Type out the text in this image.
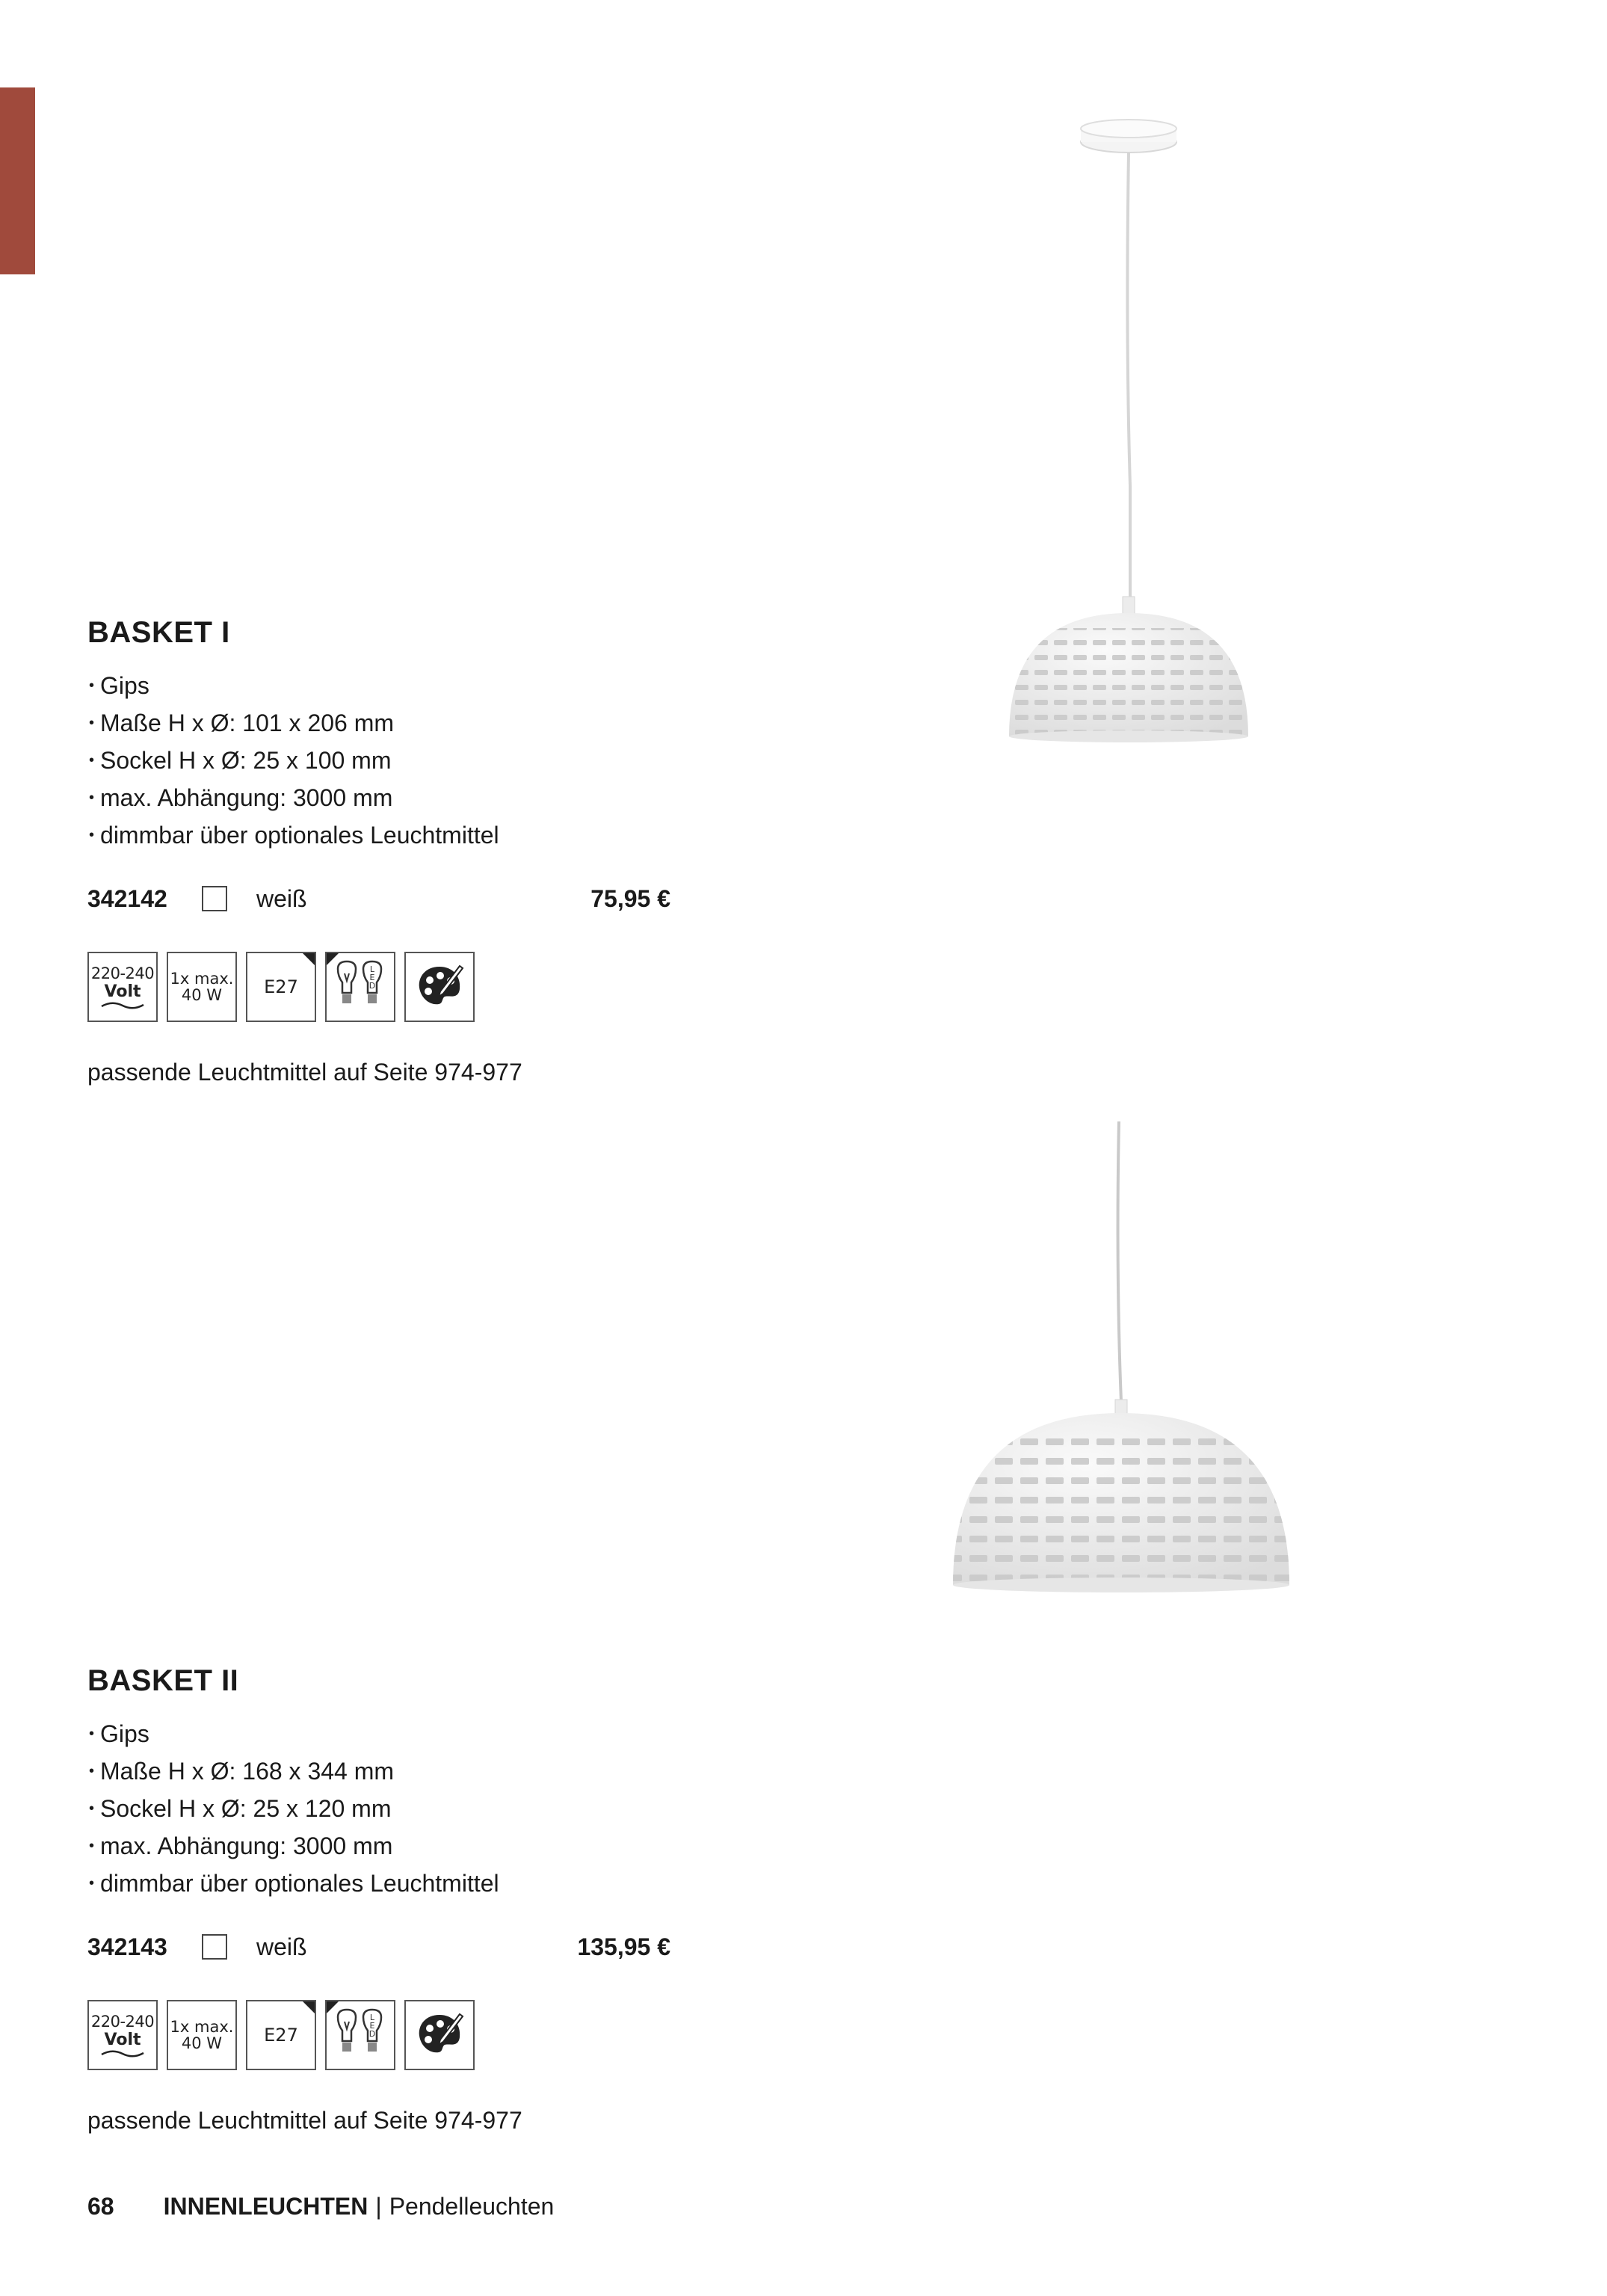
BASKET I
• Gips
• Maße H x Ø: 101 x 206 mm
• Sockel H x Ø: 25 x 100 mm
• max. Abhängung: 3000 mm
• dimmbar über optionales Leuchtmittel
342142	weiß	75,95 €
220-240
Volt
1x max.
40 W E27
L
E
D
passende Leuchtmittel auf Seite 974-977
BASKET II
• Gips
• Maße H x Ø: 168 x 344 mm
• Sockel H x Ø: 25 x 120 mm
• max. Abhängung: 3000 mm
• dimmbar über optionales Leuchtmittel
342143	weiß	135,95 €
220-240
Volt
1x max.
40 W E27
L
E
D
passende Leuchtmittel auf Seite 974-977
68 INNENLEUCHTEN | Pendelleuchten
